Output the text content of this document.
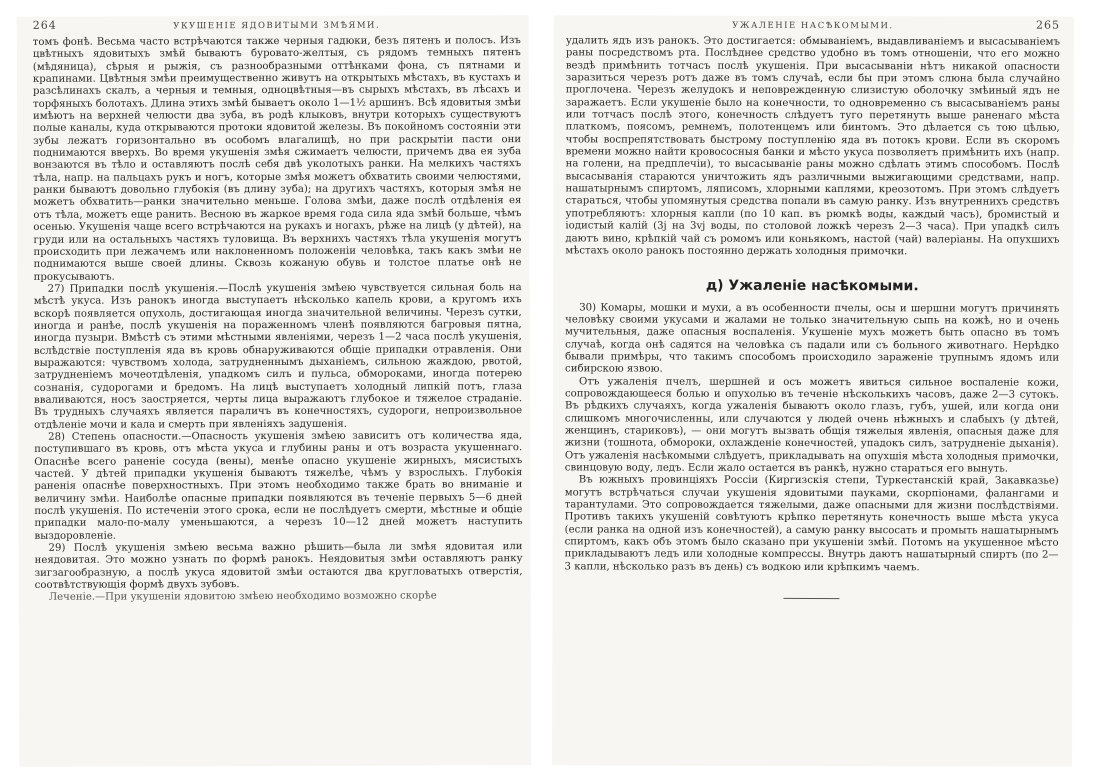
264	УКУШЕНІЕ ЯДОВИТЫМИ ЗМѢЯМИ.

томъ фонѣ. Весьма часто встрѣчаются также черныя гадюки, безъ пятенъ и полосъ. Изъ цвѣтныхъ ядовитыхъ змѣй бываютъ буровато-желтыя, съ рядомъ темныхъ пятенъ (мѣдяница), сѣрыя и рыжія, съ разнообразными оттѣнками фона, съ пятнами и крапинами. Цвѣтныя змѣи преимущественно живутъ на открытыхъ мѣстахъ, въ кустахъ и разсѣлинахъ скалъ, а черныя и темныя, одноцвѣтныя—въ сырыхъ мѣстахъ, въ лѣсахъ и торфяныхъ болотахъ. Длина этихъ змѣй бываетъ около 1—1½ аршинъ. Всѣ ядовитыя змѣи имѣютъ на верхней челюсти два зуба, въ родѣ клыковъ, внутри которыхъ существуютъ полые каналы, куда открываются протоки ядовитой железы. Въ покойномъ состояніи эти зубы лежатъ горизонтально въ особомъ влагалищѣ, но при раскрытіи пасти они поднимаются вверхъ. Во время укушенія змѣя сжимаетъ челюсти, причемъ два ея зуба вонзаются въ тѣло и оставляютъ послѣ себя двѣ уколотыхъ ранки. На мелкихъ частяхъ тѣла, напр. на пальцахъ рукъ и ногъ, которые змѣя можетъ обхватить своими челюстями, ранки бываютъ довольно глубокія (въ длину зуба); на другихъ частяхъ, которыя змѣя не можетъ обхватить—ранки значительно меньше. Голова змѣи, даже послѣ отдѣленія ея отъ тѣла, можетъ еще ранить. Весною въ жаркое время года сила яда змѣй больше, чѣмъ осенью. Укушенія чаще всего встрѣчаются на рукахъ и ногахъ, рѣже на лицѣ (у дѣтей), на груди или на остальныхъ частяхъ туловища. Въ верхнихъ частяхъ тѣла укушенія могутъ происходить при лежачемъ или наклоненномъ положеніи человѣка, такъ какъ змѣи не поднимаются выше своей длины. Сквозь кожаную обувь и толстое платье онѣ не прокусываютъ.

27) Припадки послѣ укушенія.—Послѣ укушенія змѣею чувствуется сильная боль на мѣстѣ укуса. Изъ ранокъ иногда выступаетъ нѣсколько капель крови, а кругомъ ихъ вскорѣ появляется опухоль, достигающая иногда значительной величины. Черезъ сутки, иногда и ранѣе, послѣ укушенія на пораженномъ членѣ появляются багровыя пятна, иногда пузыри. Вмѣстѣ съ этими мѣстными явленіями, черезъ 1—2 часа послѣ укушенія, вслѣдствіе поступленія яда въ кровь обнаруживаются общіе припадки отравленія. Они выражаются: чувствомъ холода, затрудненнымъ дыханіемъ, сильною жаждою, рвотой, затрудненіемъ мочеотдѣленія, упадкомъ силъ и пульса, обмороками, иногда потерею сознанія, судорогами и бредомъ. На лицѣ выступаетъ холодный липкій потъ, глаза вваливаются, носъ заостряется, черты лица выражаютъ глубокое и тяжелое страданіе. Въ трудныхъ случаяхъ является параличъ въ конечностяхъ, судороги, непроизвольное отдѣленіе мочи и кала и смерть при явленіяхъ задушенія.

28) Степень опасности.—Опасность укушенія змѣею зависитъ отъ количества яда, поступившаго въ кровь, отъ мѣста укуса и глубины раны и отъ возраста укушеннаго. Опаснѣе всего раненіе сосуда (вены), менѣе опасно укушеніе жирныхъ, мясистыхъ частей. У дѣтей припадки укушенія бываютъ тяжелѣе, чѣмъ у взрослыхъ. Глубокія раненія опаснѣе поверхностныхъ. При этомъ необходимо также брать во вниманіе и величину змѣи. Наиболѣе опасные припадки появляются въ теченіе первыхъ 5—6 дней послѣ укушенія. По истеченіи этого срока, если не послѣдуетъ смерти, мѣстные и общіе припадки мало-по-малу уменьшаются, а черезъ 10—12 дней можетъ наступить выздоровленіе.

29) Послѣ укушенія змѣею весьма важно рѣшить—была ли змѣя ядовитая или неядовитая. Это можно узнать по формѣ ранокъ. Неядовитыя змѣи оставляютъ ранку зигзагообразную, а послѣ укуса ядовитой змѣи остаются два кругловатыхъ отверстія, соотвѣтствующія формѣ двухъ зубовъ.

Леченіе.—При укушеніи ядовитою змѣею необходимо возможно скорѣе

УЖАЛЕНІЕ НАСѢКОМЫМИ.	265

удалить ядъ изъ ранокъ. Это достигается: обмываніемъ, выдавливаніемъ и высасываніемъ раны посредствомъ рта. Послѣднее средство удобно въ томъ отношеніи, что его можно вездѣ примѣнить тотчасъ послѣ укушенія. При высасываніи нѣтъ никакой опасности заразиться черезъ ротъ даже въ томъ случаѣ, если бы при этомъ слюна была случайно проглочена. Черезъ желудокъ и неповрежденную слизистую оболочку змѣиный ядъ не заражаетъ. Если укушеніе было на конечности, то одновременно съ высасываніемъ раны или тотчасъ послѣ этого, конечность слѣдуетъ туго перетянуть выше раненаго мѣста платкомъ, поясомъ, ремнемъ, полотенцемъ или бинтомъ. Это дѣлается съ тою цѣлью, чтобы воспрепятствовать быстрому поступленію яда въ потокъ крови. Если въ скоромъ времени можно найти кровососныя банки и мѣсто укуса позволяетъ примѣнить ихъ (напр. на голени, на предплечіи), то высасываніе раны можно сдѣлать этимъ способомъ. Послѣ высасыванія стараются уничтожить ядъ различными выжигающими средствами, напр. нашатырнымъ спиртомъ, ляписомъ, хлорными каплями, креозотомъ. При этомъ слѣдуетъ стараться, чтобы упомянутыя средства попали въ самую ранку. Изъ внутреннихъ средствъ употребляютъ: хлорныя капли (по 10 кап. въ рюмкѣ воды, каждый часъ), бромистый и іодистый калій (3j на 3vj воды, по столовой ложкѣ черезъ 2—3 часа). При упадкѣ силъ даютъ вино, крѣпкій чай съ ромомъ или коньякомъ, настой (чай) валеріаны. На опухшихъ мѣстахъ около ранокъ постоянно держать холодныя примочки.

д) Ужаленіе насѣкомыми.

30) Комары, мошки и мухи, а въ особенности пчелы, осы и шершни могутъ причинять человѣку своими укусами и жалами не только значительную сыпь на кожѣ, но и очень мучительныя, даже опасныя воспаленія. Укушеніе мухъ можетъ быть опасно въ томъ случаѣ, когда онѣ садятся на человѣка съ падали или съ больного животнаго. Нерѣдко бывали примѣры, что такимъ способомъ происходило зараженіе трупнымъ ядомъ или сибирскою язвою.

Отъ ужаленія пчелъ, шершней и осъ можетъ явиться сильное воспаленіе кожи, сопровождающееся болью и опухолью въ теченіе нѣсколькихъ часовъ, даже 2—3 сутокъ. Въ рѣдкихъ случаяхъ, когда ужаленія бываютъ около глазъ, губъ, ушей, или когда они слишкомъ многочисленны, или случаются у людей очень нѣжныхъ и слабыхъ (у дѣтей, женщинъ, стариковъ), — они могутъ вызвать общія тяжелыя явленія, опасныя даже для жизни (тошнота, обмороки, охлажденіе конечностей, упадокъ силъ, затрудненіе дыханія). Отъ ужаленія насѣкомыми слѣдуетъ, прикладывать на опухшія мѣста холодныя примочки, свинцовую воду, ледъ. Если жало остается въ ранкѣ, нужно стараться его вынуть.

Въ южныхъ провинціяхъ Россіи (Киргизскія степи, Туркестанскій край, Закавказье) могутъ встрѣчаться случаи укушенія ядовитыми пауками, скорпіонами, фалангами и тарантулами. Это сопровождается тяжелыми, даже опасными для жизни послѣдствіями. Противъ такихъ укушеній совѣтуютъ крѣпко перетянуть конечность выше мѣста укуса (если ранка на одной изъ конечностей), а самую ранку высосать и промыть нашатырнымъ спиртомъ, какъ объ этомъ было сказано при укушеніи змѣй. Потомъ на укушенное мѣсто прикладываютъ ледъ или холодные компрессы. Внутрь даютъ нашатырный спиртъ (по 2—3 капли, нѣсколько разъ въ день) съ водкою или крѣпкимъ чаемъ.
